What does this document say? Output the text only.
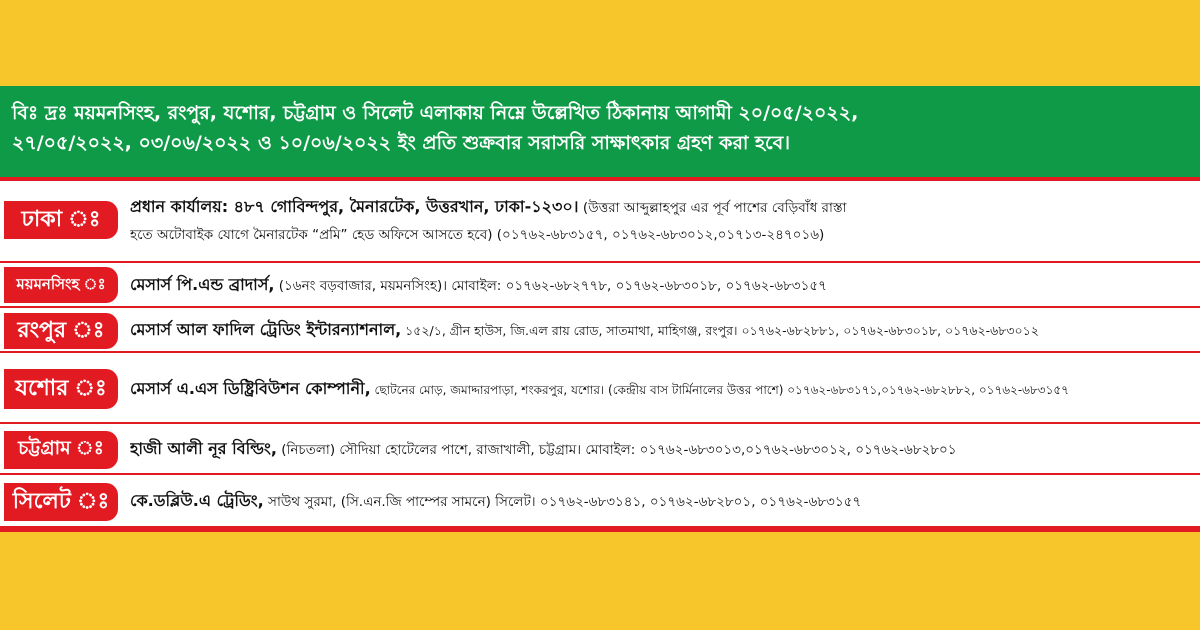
বিঃ দ্রঃ ময়মনসিংহ, রংপুর, যশোর, চট্টগ্রাম ও সিলেট এলাকায় নিম্নে উল্লেখিত ঠিকানায় আগামী ২০/০৫/২০২২,
২৭/০৫/২০২২, ০৩/০৬/২০২২ ও ১০/০৬/২০২২ ইং প্রতি শুক্রবার সরাসরি সাক্ষাৎকার গ্রহণ করা হবে।
ঢাকা ঃ	প্রধান কার্যালয়: ৪৮৭ গোবিন্দপুর, মৈনারটেক, উত্তরখান, ঢাকা-১২৩০। (উত্তরা আব্দুল্লাহপুর এর পূর্ব পাশের বেড়িবাঁধ রাস্তা
হতে অটোবাইক যোগে মৈনারটেক “প্রমি” হেড অফিসে আসতে হবে) (০১৭৬২-৬৮৩১৫৭, ০১৭৬২-৬৮৩০১২,০১৭১৩-২৪৭০১৬)
ময়মনসিংহ ঃ	মেসার্স পি.এন্ড ব্রাদার্স, (১৬নং বড়বাজার, ময়মনসিংহ)। মোবাইল: ০১৭৬২-৬৮২৭৭৮, ০১৭৬২-৬৮৩০১৮, ০১৭৬২-৬৮৩১৫৭
রংপুর ঃ	মেসার্স আল ফাদিল ট্রেডিং ইন্টারন্যাশনাল, ১৫২/১, গ্রীন হাউস, জি.এল রায় রোড, সাতমাথা, মাহিগঞ্জ, রংপুর। ০১৭৬২-৬৮২৮৮১, ০১৭৬২-৬৮৩০১৮, ০১৭৬২-৬৮৩০১২
যশোর ঃ	মেসার্স এ.এস ডিষ্ট্রিবিউশন কোম্পানী, ছোটনের মোড়, জমাদ্দারপাড়া, শংকরপুর, যশোর। (কেন্দ্রীয় বাস টার্মিনালের উত্তর পাশে) ০১৭৬২-৬৮৩১৭১,০১৭৬২-৬৮২৮৮২, ০১৭৬২-৬৮৩১৫৭
চট্টগ্রাম ঃ	হাজী আলী নূর বিল্ডিং, (নিচতলা) সৌদিয়া হোটেলের পাশে, রাজাখালী, চট্টগ্রাম। মোবাইল: ০১৭৬২-৬৮৩০১৩,০১৭৬২-৬৮৩০১২, ০১৭৬২-৬৮২৮০১
সিলেট ঃ	কে.ডব্লিউ.এ ট্রেডিং, সাউথ সুরমা, (সি.এন.জি পাম্পের সামনে) সিলেট। ০১৭৬২-৬৮৩১৪১, ০১৭৬২-৬৮২৮০১, ০১৭৬২-৬৮৩১৫৭
